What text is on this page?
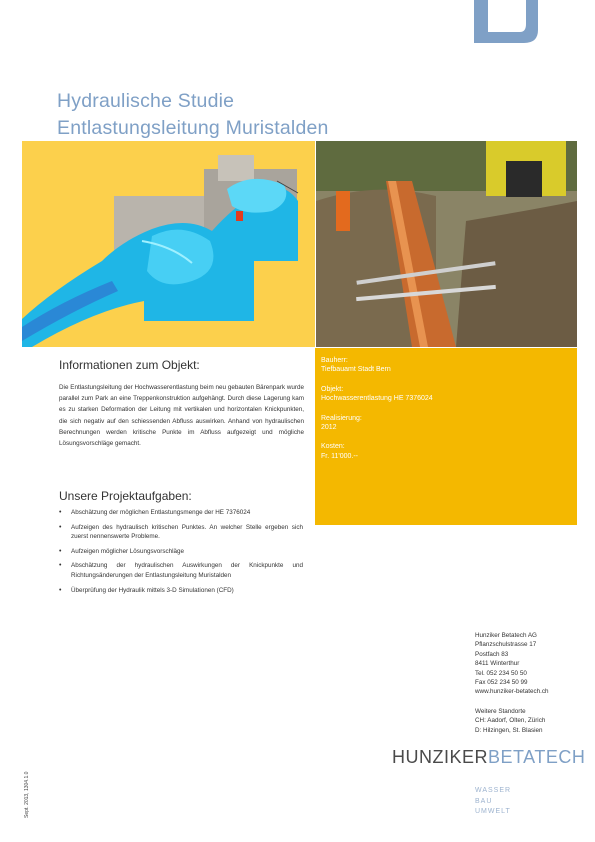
Hydraulische Studie
Entlastungsleitung Muristalden
Informationen zum Objekt:
Die Entlastungsleitung der Hochwasserentlastung beim neu gebauten Bärenpark wurde parallel zum Park an eine Treppenkonstruktion aufgehängt. Durch diese Lagerung kam es zu starken Deformation der Leitung mit vertikalen und horizontalen Knickpunkten, die sich negativ auf den schiessenden Abfluss auswirken. Anhand von hydraulischen Berechnungen werden kritische Punkte im Abfluss aufgezeigt und mögliche Lösungsvorschläge gemacht.
Bauherr:
Tiefbauamt Stadt Bern
Objekt:
Hochwasserentlastung HE 7376024
Realisierung:
2012
Kosten:
Fr. 11'000.--
Unsere Projektaufgaben:
• Abschätzung der möglichen Entlastungsmenge der HE 7376024
• Aufzeigen des hydraulisch kritischen Punktes. An welcher Stelle ergeben sich zuerst nennenswerte Probleme.
• Aufzeigen möglicher Lösungsvorschläge
• Abschätzung der hydraulischen Auswirkungen der Knickpunkte und Richtungsänderungen der Entlastungsleitung Muristalden
• Überprüfung der Hydraulik mittels 3-D Simulationen (CFD)
Hunziker Betatech AG
Pflanzschulstrasse 17
Postfach 83
8411 Winterthur
Tel. 052 234 50 50
Fax 052 234 50 99
www.hunziker-betatech.ch
Weitere Standorte
CH: Aadorf, Olten, Zürich
D: Hilzingen, St. Blasien
HUNZIKERBETATECH
WASSER
BAU
UMWELT
Sept. 2013, 1304.1.0
